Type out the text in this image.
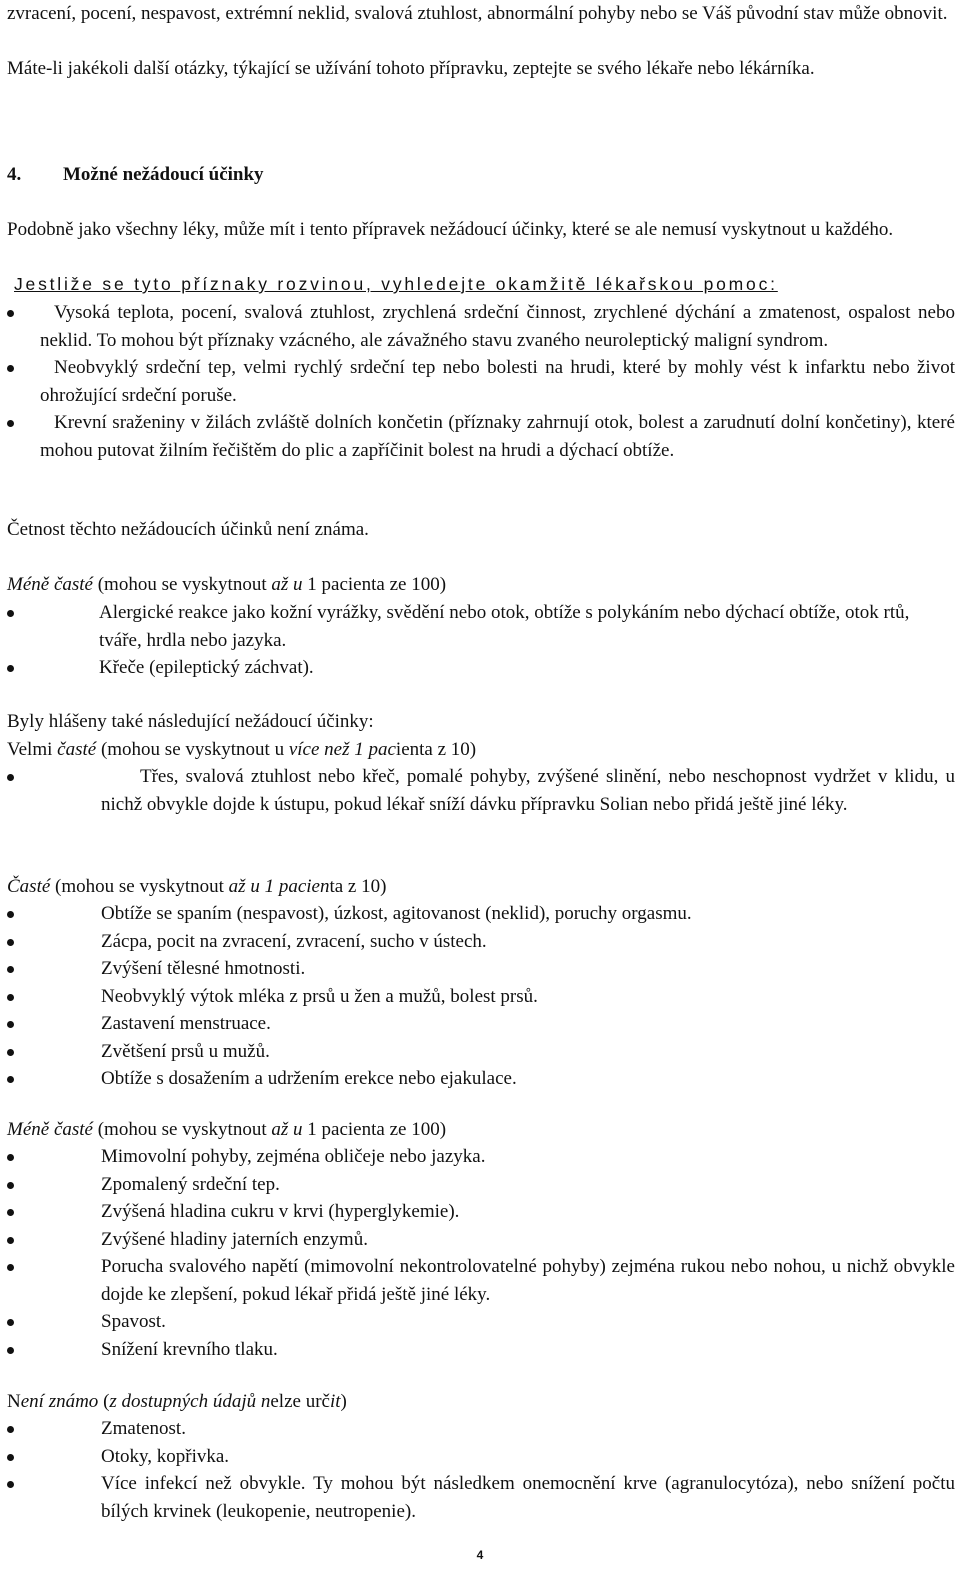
zvracení, pocení, nespavost, extrémní neklid, svalová ztuhlost, abnormální pohyby nebo se Váš původní stav může obnovit.

Máte-li jakékoli další otázky, týkající se užívání tohoto přípravku, zeptejte se svého lékaře nebo lékárníka.

4. Možné nežádoucí účinky

Podobně jako všechny léky, může mít i tento přípravek nežádoucí účinky, které se ale nemusí vyskytnout u každého.

Jestliže se tyto příznaky rozvinou, vyhledejte okamžitě lékařskou pomoc:

Vysoká teplota, pocení, svalová ztuhlost, zrychlená srdeční činnost, zrychlené dýchání a zmatenost, ospalost nebo neklid. To mohou být příznaky vzácného, ale závažného stavu zvaného neuroleptický maligní syndrom.
Neobvyklý srdeční tep, velmi rychlý srdeční tep nebo bolesti na hrudi, které by mohly vést k infarktu nebo život ohrožující srdeční poruše.
Krevní sraženiny v žilách zvláště dolních končetin (příznaky zahrnují otok, bolest a zarudnutí dolní končetiny), které mohou putovat žilním řečištěm do plic a zapříčinit bolest na hrudi a dýchací obtíže.

Četnost těchto nežádoucích účinků není známa.

Méně časté (mohou se vyskytnout až u 1 pacienta ze 100)

Alergické reakce jako kožní vyrážky, svědění nebo otok, obtíže s polykáním nebo dýchací obtíže, otok rtů, tváře, hrdla nebo jazyka.
Křeče (epileptický záchvat).

Byly hlášeny také následující nežádoucí účinky:

Velmi časté (mohou se vyskytnout u více než 1 pacienta z 10)

Třes, svalová ztuhlost nebo křeč, pomalé pohyby, zvýšené slinění, nebo neschopnost vydržet v klidu, u nichž obvykle dojde k ústupu, pokud lékař sníží dávku přípravku Solian nebo přidá ještě jiné léky.

Časté (mohou se vyskytnout až u 1 pacienta z 10)

Obtíže se spaním (nespavost), úzkost, agitovanost (neklid), poruchy orgasmu.
Zácpa, pocit na zvracení, zvracení, sucho v ústech.
Zvýšení tělesné hmotnosti.
Neobvyklý výtok mléka z prsů u žen a mužů, bolest prsů.
Zastavení menstruace.
Zvětšení prsů u mužů.
Obtíže s dosažením a udržením erekce nebo ejakulace.

Méně časté (mohou se vyskytnout až u 1 pacienta ze 100)

Mimovolní pohyby, zejména obličeje nebo jazyka.
Zpomalený srdeční tep.
Zvýšená hladina cukru v krvi (hyperglykemie).
Zvýšené hladiny jaterních enzymů.
Porucha svalového napětí (mimovolní nekontrolovatelné pohyby) zejména rukou nebo nohou, u nichž obvykle dojde ke zlepšení, pokud lékař přidá ještě jiné léky.
Spavost.
Snížení krevního tlaku.

Není známo (z dostupných údajů nelze určit)

Zmatenost.
Otoky, kopřivka.
Více infekcí než obvykle. Ty mohou být následkem onemocnění krve (agranulocytóza), nebo snížení počtu bílých krvinek (leukopenie, neutropenie).
4
